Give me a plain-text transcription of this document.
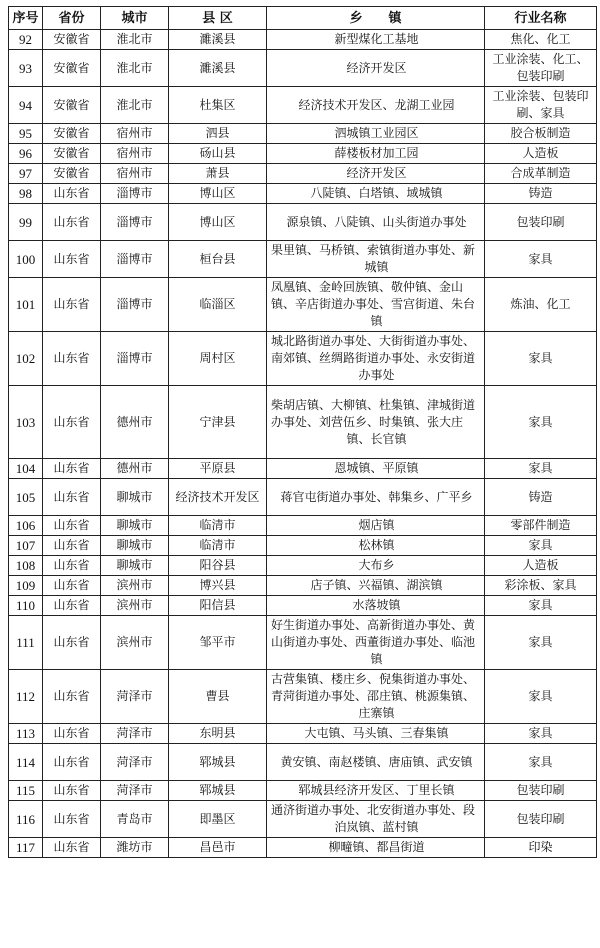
序号	省份	城市	县 区	乡　　镇	行业名称
92	安徽省	淮北市	濉溪县	新型煤化工基地	焦化、化工
93	安徽省	淮北市	濉溪县	经济开发区	工业涂装、化工、包装印刷
94	安徽省	淮北市	杜集区	经济技术开发区、龙湖工业园	工业涂装、包装印刷、家具
95	安徽省	宿州市	泗县	泗城镇工业园区	胶合板制造
96	安徽省	宿州市	砀山县	薛楼板材加工园	人造板
97	安徽省	宿州市	萧县	经济开发区	合成革制造
98	山东省	淄博市	博山区	八陡镇、白塔镇、域城镇	铸造
99	山东省	淄博市	博山区	源泉镇、八陡镇、山头街道办事处	包装印刷
100	山东省	淄博市	桓台县	果里镇、马桥镇、索镇街道办事处、新城镇	家具
101	山东省	淄博市	临淄区	凤凰镇、金岭回族镇、敬仲镇、金山镇、辛店街道办事处、雪宫街道、朱台镇	炼油、化工
102	山东省	淄博市	周村区	城北路街道办事处、大街街道办事处、南郊镇、丝绸路街道办事处、永安街道办事处	家具
103	山东省	德州市	宁津县	柴胡店镇、大柳镇、杜集镇、津城街道办事处、刘营伍乡、时集镇、张大庄镇、长官镇	家具
104	山东省	德州市	平原县	恩城镇、平原镇	家具
105	山东省	聊城市	经济技术开发区	蒋官屯街道办事处、韩集乡、广平乡	铸造
106	山东省	聊城市	临清市	烟店镇	零部件制造
107	山东省	聊城市	临清市	松林镇	家具
108	山东省	聊城市	阳谷县	大布乡	人造板
109	山东省	滨州市	博兴县	店子镇、兴福镇、湖滨镇	彩涂板、家具
110	山东省	滨州市	阳信县	水落坡镇	家具
111	山东省	滨州市	邹平市	好生街道办事处、高新街道办事处、黄山街道办事处、西董街道办事处、临池镇	家具
112	山东省	菏泽市	曹县	古营集镇、楼庄乡、倪集街道办事处、青菏街道办事处、邵庄镇、桃源集镇、庄寨镇	家具
113	山东省	菏泽市	东明县	大屯镇、马头镇、三春集镇	家具
114	山东省	菏泽市	郓城县	黄安镇、南赵楼镇、唐庙镇、武安镇	家具
115	山东省	菏泽市	郓城县	郓城县经济开发区、丁里长镇	包装印刷
116	山东省	青岛市	即墨区	通济街道办事处、北安街道办事处、段泊岚镇、蓝村镇	包装印刷
117	山东省	潍坊市	昌邑市	柳疃镇、都昌街道	印染
